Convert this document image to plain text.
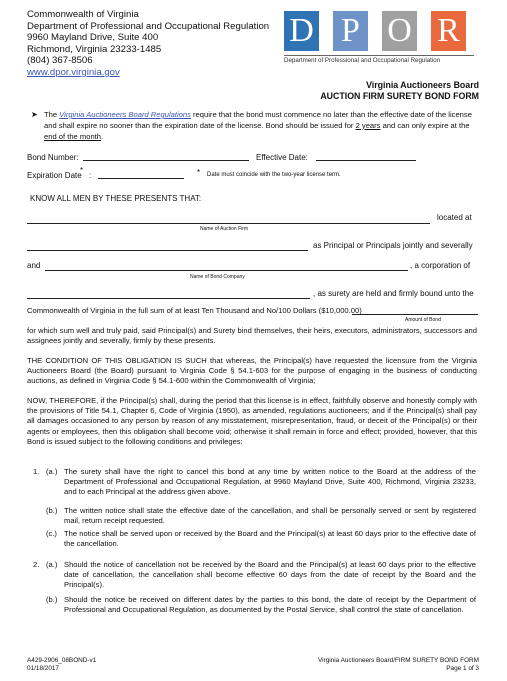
Commonwealth of Virginia
Department of Professional and Occupational Regulation
9960 Mayland Drive, Suite 400
Richmond, Virginia 23233-1485
(804) 367-8506
www.dpor.virginia.gov
D P O R
Department of Professional and Occupational Regulation
Virginia Auctioneers Board
AUCTION FIRM SURETY BOND FORM
➤ The Virginia Auctioneers Board Regulations require that the bond must commence no later than the effective date of the license and shall expire no sooner than the expiration date of the license. Bond should be issued for 2 years and can only expire at the end of the month.
Bond Number:	Effective Date:
Expiration Date
*
:	* Date must coincide with the two-year license term.
KNOW ALL MEN BY THESE PRESENTS THAT:
located at
Name of Auction Firm
as Principal or Principals jointly and severally
and	, a corporation of
Name of Bond Company
, as surety are held and firmly bound unto the
Commonwealth of Virginia in the full sum of at least Ten Thousand and No/100 Dollars ($10,000.00)
Amount of Bond
for which sum well and truly paid, said Principal(s) and Surety bind themselves, their heirs, executors, administrators, successors and assignees jointly and severally, firmly by these presents.
THE CONDITION OF THIS OBLIGATION IS SUCH that whereas, the Principal(s) have requested the licensure from the Virginia Auctioneers Board (the Board) pursuant to Virginia Code § 54.1-603 for the purpose of engaging in the business of conducting auctions, as defined in Virginia Code § 54.1-600 within the Commonwealth of Virginia;
NOW, THEREFORE, if the Principal(s) shall, during the period that this license is in effect, faithfully observe and honestly comply with the provisions of Title 54.1, Chapter 6, Code of Virginia (1950), as amended, regulations auctioneers; and if the Principal(s) shall pay all damages occasioned to any person by reason of any misstatement, misrepresentation, fraud, or deceit of the Principal(s) or their agents or employees, then this obligation shall become void; otherwise it shall remain in force and effect; provided, however, that this Bond is issued subject to the following conditions and privileges:
1. (a.) The surety shall have the right to cancel this bond at any time by written notice to the Board at the address of the Department of Professional and Occupational Regulation, at 9960 Mayland Drive, Suite 400, Richmond, Virginia 23233, and to each Principal at the address given above.
(b.) The written notice shall state the effective date of the cancellation, and shall be personally served or sent by registered mail, return receipt requested.
(c.) The notice shall be served upon or received by the Board and the Principal(s) at least 60 days prior to the effective date of the cancellation.
2. (a.) Should the notice of cancellation not be received by the Board and the Principal(s) at least 60 days prior to the effective date of cancellation, the cancellation shall become effective 60 days from the date of receipt by the Board and the Principal(s).
(b.) Should the notice be received on different dates by the parties to this bond, the date of receipt by the Department of Professional and Occupational Regulation, as documented by the Postal Service, shall control the state of cancellation.
A429-2906_08BOND-v1
01/18/2017
Virginia Auctioneers Board/FIRM SURETY BOND FORM
Page 1 of 3
